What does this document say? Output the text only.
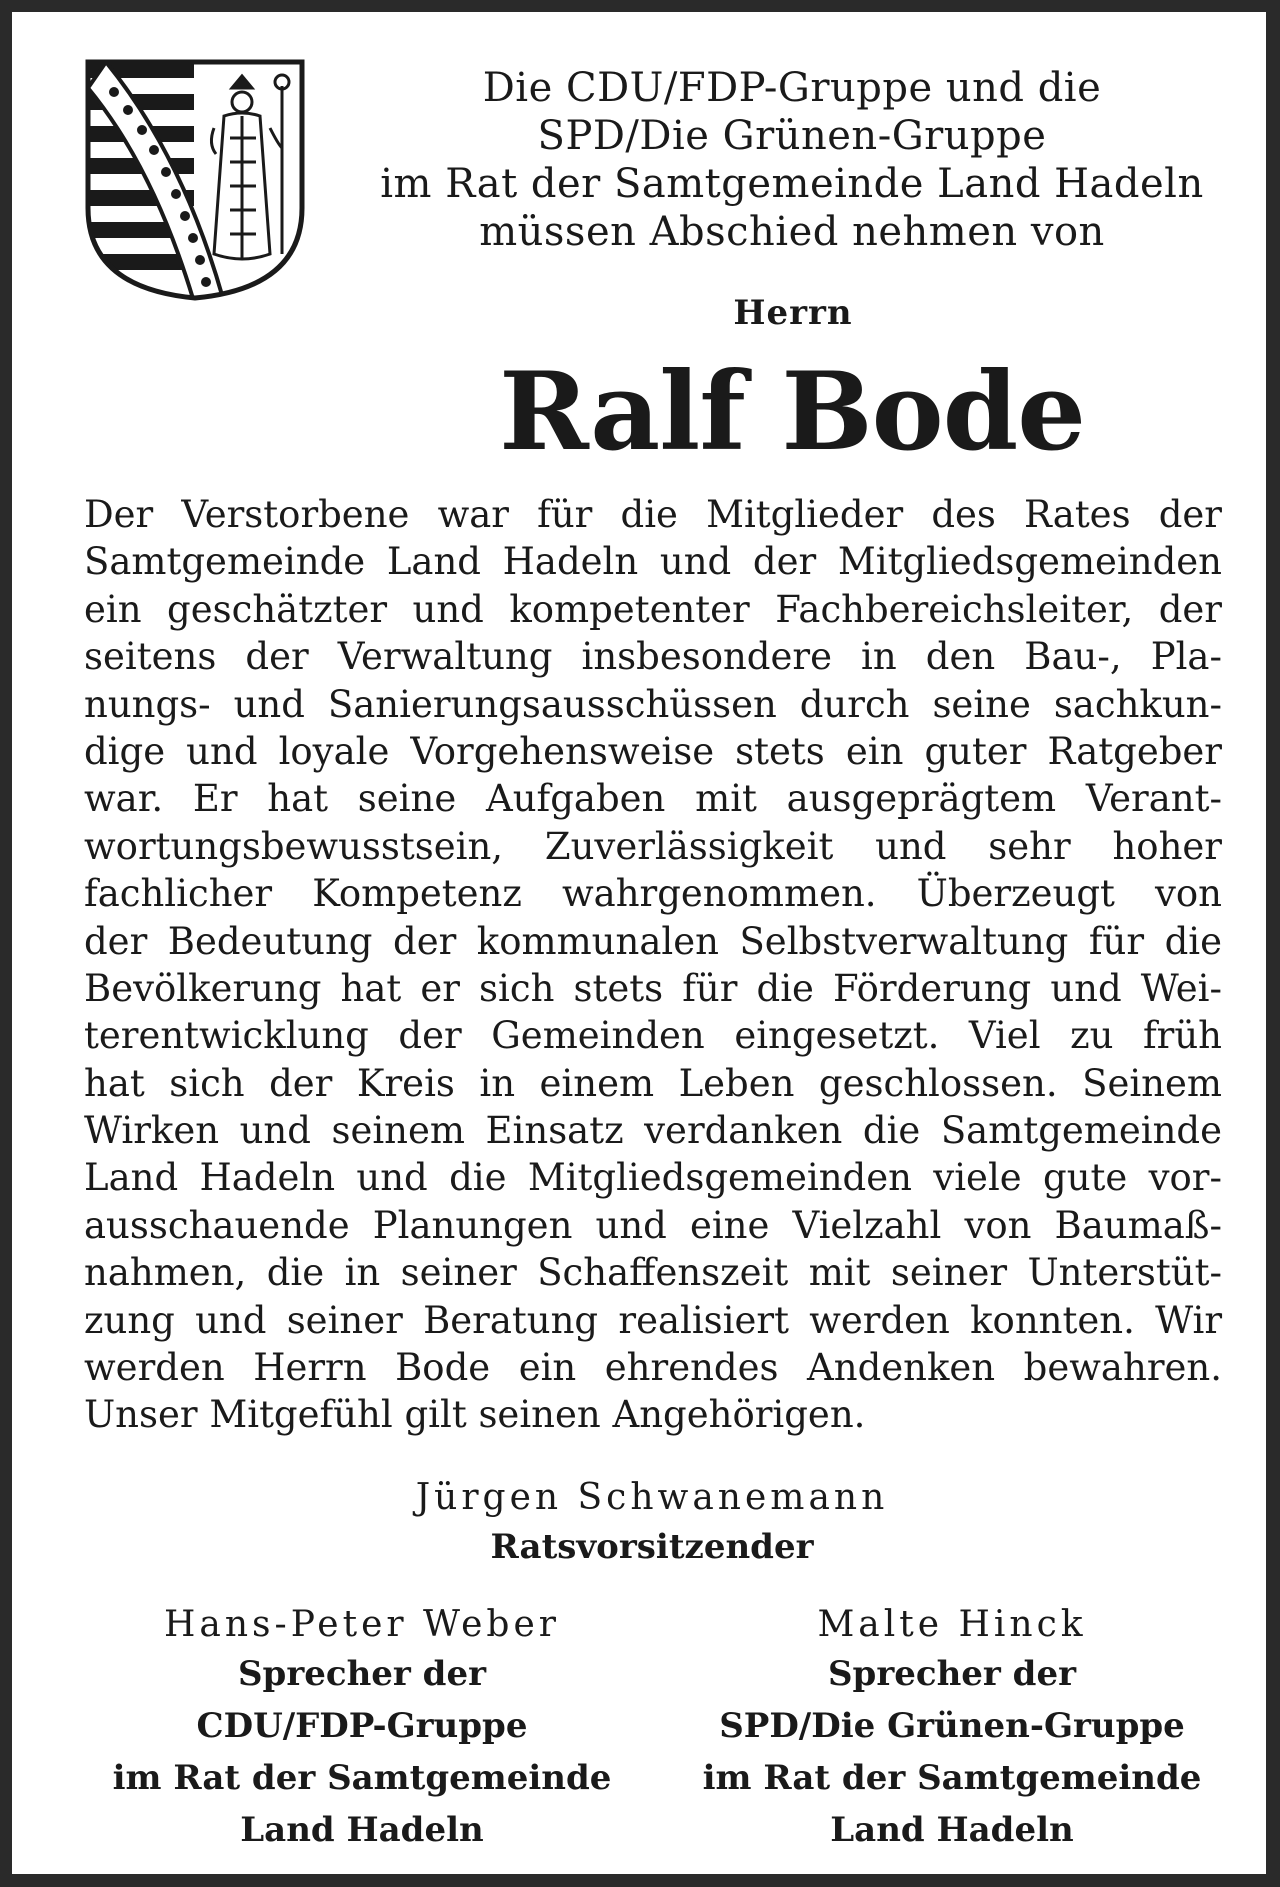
Die CDU/FDP-Gruppe und die
SPD/Die Grünen-Gruppe
im Rat der Samtgemeinde Land Hadeln
müssen Abschied nehmen von
Herrn
Ralf Bode
Der Verstorbene war für die Mitglieder des Rates der
Samtgemeinde Land Hadeln und der Mitgliedsgemeinden
ein geschätzter und kompetenter Fachbereichsleiter, der
seitens der Verwaltung insbesondere in den Bau-, Pla-
nungs- und Sanierungsausschüssen durch seine sachkun-
dige und loyale Vorgehensweise stets ein guter Ratgeber
war. Er hat seine Aufgaben mit ausgeprägtem Verant-
wortungsbewusstsein, Zuverlässigkeit und sehr hoher
fachlicher Kompetenz wahrgenommen. Überzeugt von
der Bedeutung der kommunalen Selbstverwaltung für die
Bevölkerung hat er sich stets für die Förderung und Wei-
terentwicklung der Gemeinden eingesetzt. Viel zu früh
hat sich der Kreis in einem Leben geschlossen. Seinem
Wirken und seinem Einsatz verdanken die Samtgemeinde
Land Hadeln und die Mitgliedsgemeinden viele gute vor-
ausschauende Planungen und eine Vielzahl von Baumaß-
nahmen, die in seiner Schaffenszeit mit seiner Unterstüt-
zung und seiner Beratung realisiert werden konnten. Wir
werden Herrn Bode ein ehrendes Andenken bewahren.
Unser Mitgefühl gilt seinen Angehörigen.
Jürgen Schwanemann
Ratsvorsitzender
Hans-Peter Weber
Sprecher der
CDU/FDP-Gruppe
im Rat der Samtgemeinde
Land Hadeln
Malte Hinck
Sprecher der
SPD/Die Grünen-Gruppe
im Rat der Samtgemeinde
Land Hadeln
